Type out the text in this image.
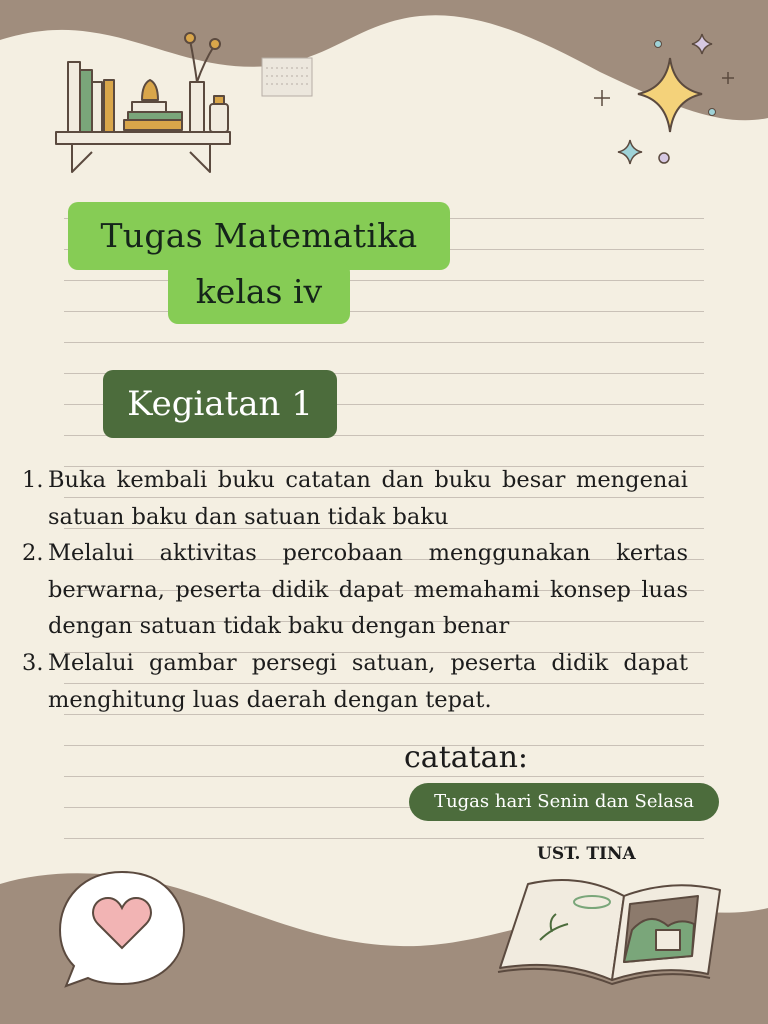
Tugas Matematika
kelas iv
Kegiatan 1
1. Buka kembali buku catatan dan buku besar mengenai satuan baku dan satuan tidak baku
2. Melalui aktivitas percobaan menggunakan kertas berwarna, peserta didik dapat memahami konsep luas dengan satuan tidak baku dengan benar
3. Melalui gambar persegi satuan, peserta didik dapat menghitung luas daerah dengan tepat.
catatan:
Tugas hari Senin dan Selasa
UST. TINA
